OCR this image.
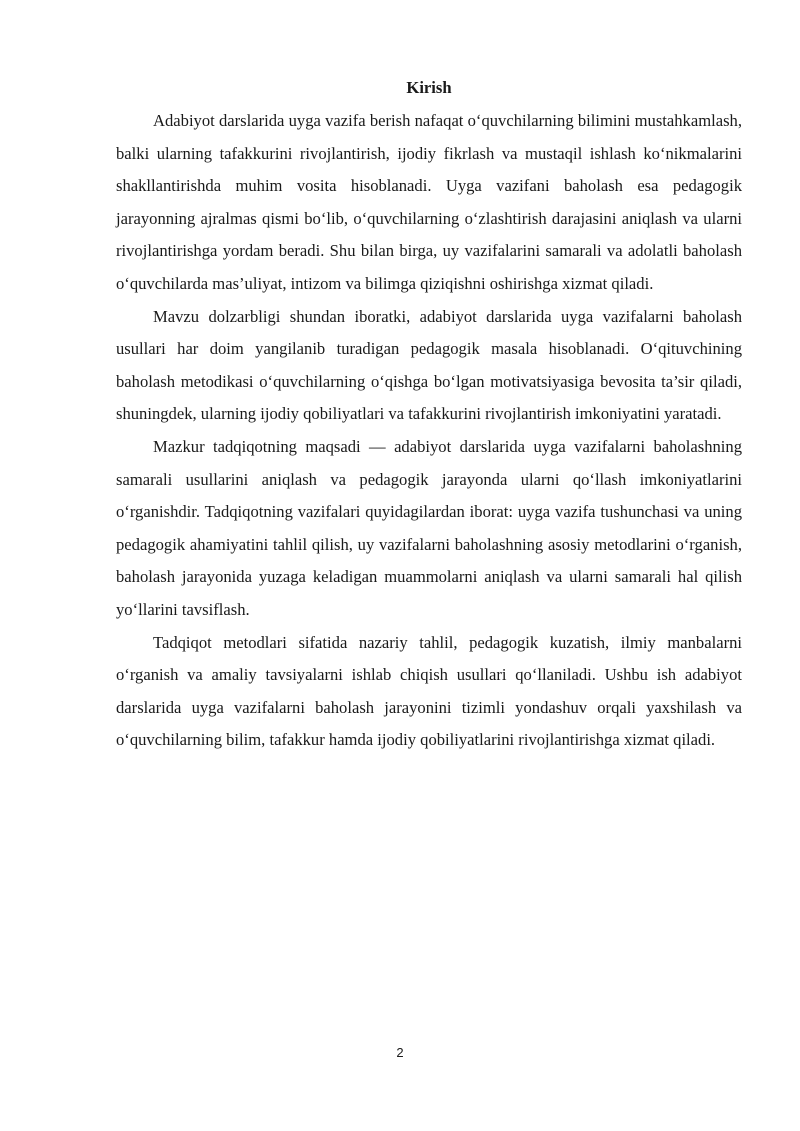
Kirish

Adabiyot darslarida uyga vazifa berish nafaqat o‘quvchilarning bilimini mustahkamlash, balki ularning tafakkurini rivojlantirish, ijodiy fikrlash va mustaqil ishlash ko‘nikmalarini shakllantirishda muhim vosita hisoblanadi. Uyga vazifani baholash esa pedagogik jarayonning ajralmas qismi bo‘lib, o‘quvchilarning o‘zlashtirish darajasini aniqlash va ularni rivojlantirishga yordam beradi. Shu bilan birga, uy vazifalarini samarali va adolatli baholash o‘quvchilarda mas’uliyat, intizom va bilimga qiziqishni oshirishga xizmat qiladi.

Mavzu dolzarbligi shundan iboratki, adabiyot darslarida uyga vazifalarni baholash usullari har doim yangilanib turadigan pedagogik masala hisoblanadi. O‘qituvchining baholash metodikasi o‘quvchilarning o‘qishga bo‘lgan motivatsiyasiga bevosita ta’sir qiladi, shuningdek, ularning ijodiy qobiliyatlari va tafakkurini rivojlantirish imkoniyatini yaratadi.

Mazkur tadqiqotning maqsadi — adabiyot darslarida uyga vazifalarni baholashning samarali usullarini aniqlash va pedagogik jarayonda ularni qo‘llash imkoniyatlarini o‘rganishdir. Tadqiqotning vazifalari quyidagilardan iborat: uyga vazifa tushunchasi va uning pedagogik ahamiyatini tahlil qilish, uy vazifalarni baholashning asosiy metodlarini o‘rganish, baholash jarayonida yuzaga keladigan muammolarni aniqlash va ularni samarali hal qilish yo‘llarini tavsiflash.

Tadqiqot metodlari sifatida nazariy tahlil, pedagogik kuzatish, ilmiy manbalarni o‘rganish va amaliy tavsiyalarni ishlab chiqish usullari qo‘llaniladi. Ushbu ish adabiyot darslarida uyga vazifalarni baholash jarayonini tizimli yondashuv orqali yaxshilash va o‘quvchilarning bilim, tafakkur hamda ijodiy qobiliyatlarini rivojlantirishga xizmat qiladi.

2
